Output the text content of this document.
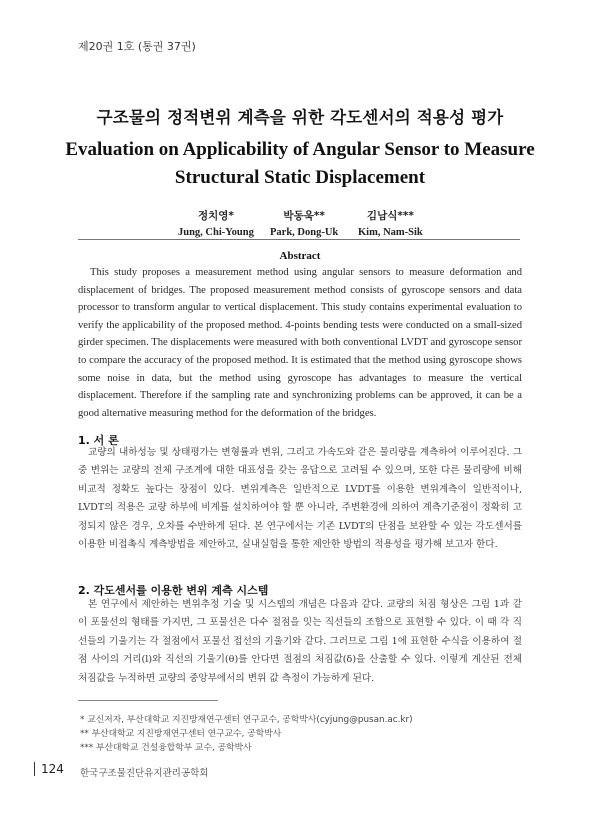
제20권 1호 (통권 37권)
구조물의 정적변위 계측을 위한 각도센서의 적용성 평가
Evaluation on Applicability of Angular Sensor to Measure
Structural Static Displacement
정치영*
Jung, Chi-Young
박동욱**
Park, Dong-Uk
김남식***
Kim, Nam-Sik
Abstract

This study proposes a measurement method using angular sensors to measure deformation and displacement of bridges. The proposed measurement method consists of gyroscope sensors and data processor to transform angular to vertical displacement. This study contains experimental evaluation to verify the applicability of the proposed method. 4-points bending tests were conducted on a small-sized girder specimen. The displacements were measured with both conventional LVDT and gyroscope sensor to compare the accuracy of the proposed method. It is estimated that the method using gyroscope shows some noise in data, but the method using gyroscope has advantages to measure the vertical displacement. Therefore if the sampling rate and synchronizing problems can be approved, it can be a good alternative measuring method for the deformation of the bridges.

1. 서 론

교량의 내하성능 및 상태평가는 변형률과 변위, 그리고 가속도와 같은 물리량을 계측하여 이루어진다. 그 중 변위는 교량의 전체 구조계에 대한 대표성을 갖는 응답으로 고려될 수 있으며, 또한 다른 물리량에 비해 비교적 정확도 높다는 장점이 있다. 변위계측은 일반적으로 LVDT를 이용한 변위계측이 일반적이나, LVDT의 적용은 교량 하부에 비계를 설치하여야 할 뿐 아니라, 주변환경에 의하여 계측기준점이 정확히 고정되지 않은 경우, 오차를 수반하게 된다. 본 연구에서는 기존 LVDT의 단점을 보완할 수 있는 각도센서를 이용한 비접촉식 계측방법을 제안하고, 실내실험을 통한 제안한 방법의 적용성을 평가해 보고자 한다.

2. 각도센서를 이용한 변위 계측 시스템

본 연구에서 제안하는 변위추정 기술 및 시스템의 개념은 다음과 같다. 교량의 처짐 형상은 그림 1과 같이 포물선의 형태를 가지면, 그 포물선은 다수 절점을 잇는 직선들의 조합으로 표현할 수 있다. 이 때 각 직선들의 기울기는 각 절점에서 포물선 접선의 기울기와 같다. 그러므로 그림 1에 표현한 수식을 이용하여 절점 사이의 거리(l)와 직선의 기울기(θ)를 안다면 절점의 처짐값(δ)을 산출할 수 있다. 이렇게 계산된 전체 처짐값을 누적하면 교량의 중앙부에서의 변위 값 측정이 가능하게 된다.

* 교신저자, 부산대학교 지진방재연구센터 연구교수, 공학박사(cyjung@pusan.ac.kr)
** 부산대학교 지진방재연구센터 연구교수, 공학박사
*** 부산대학교 건설융합학부 교수, 공학박사
124 한국구조물진단유지관리공학회
